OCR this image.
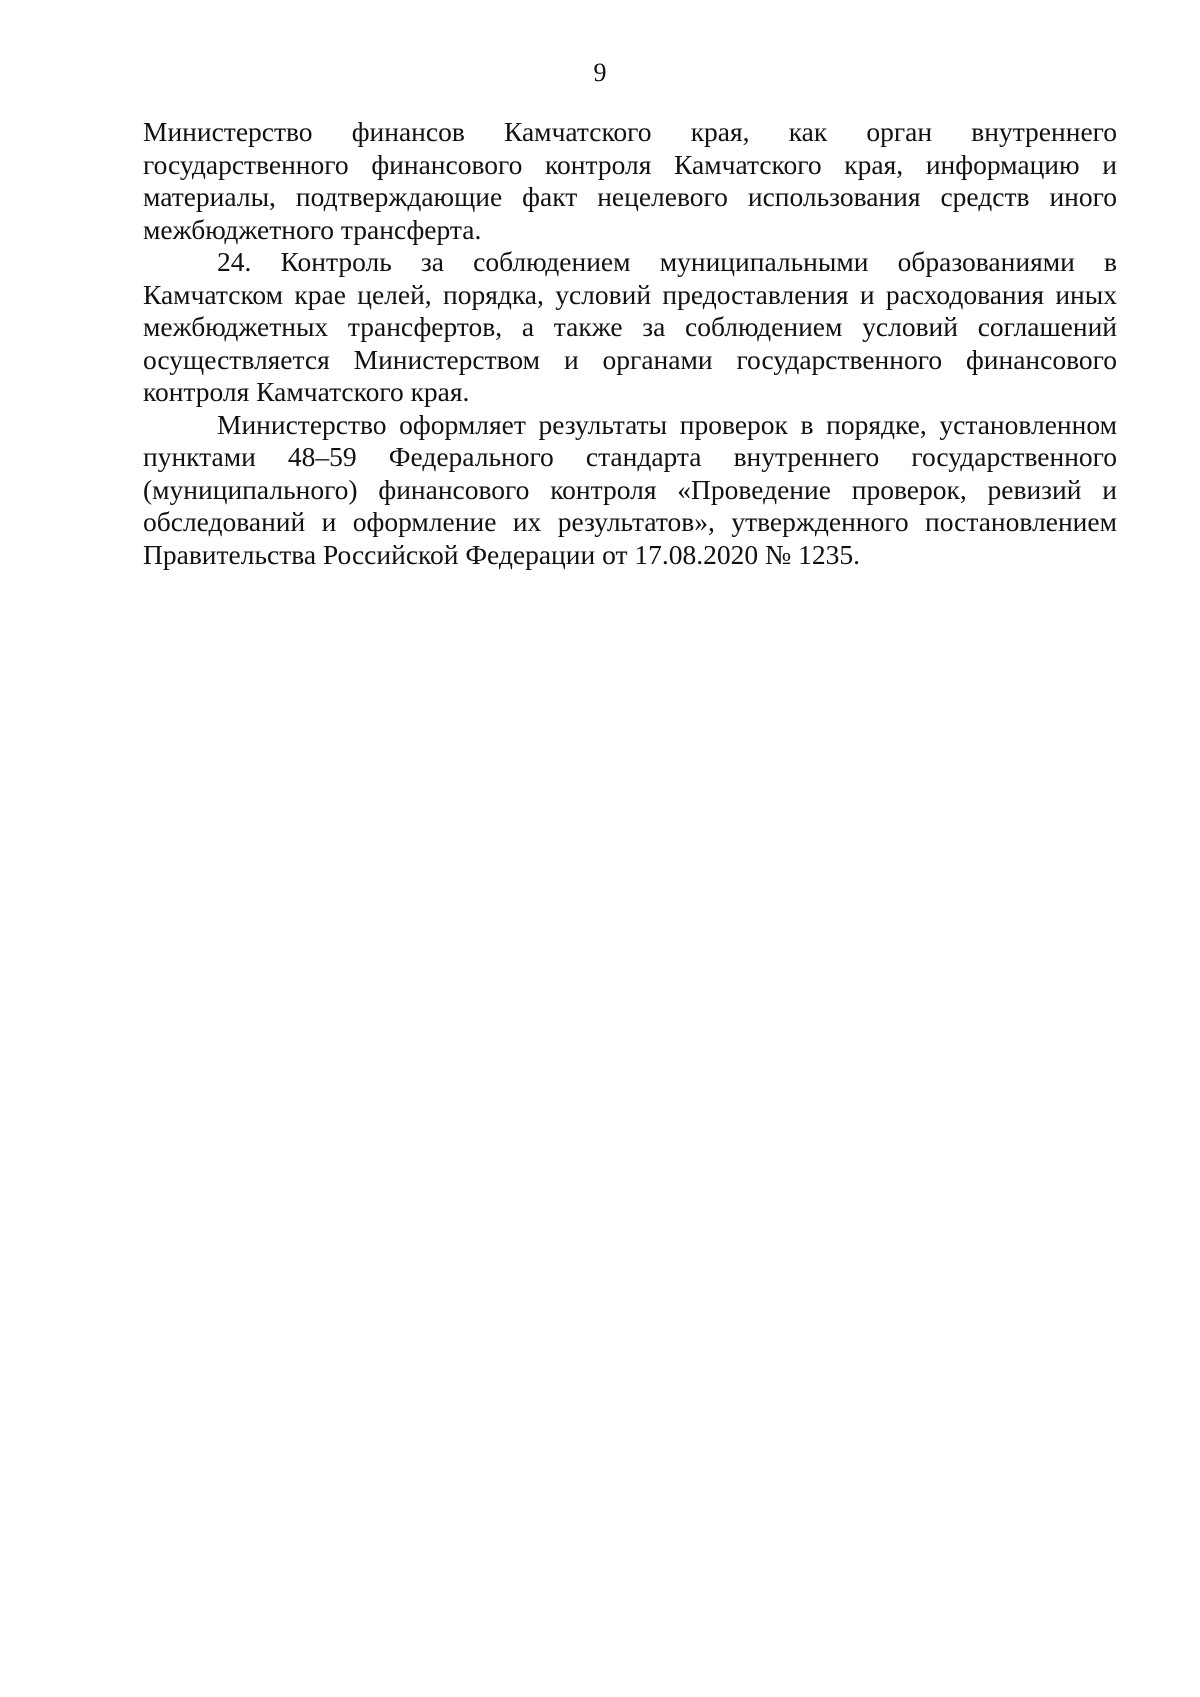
9

Министерство финансов Камчатского края, как орган внутреннего государственного финансового контроля Камчатского края, информацию и материалы, подтверждающие факт нецелевого использования средств иного межбюджетного трансферта.

24. Контроль за соблюдением муниципальными образованиями в Камчатском крае целей, порядка, условий предоставления и расходования иных межбюджетных трансфертов, а также за соблюдением условий соглашений осуществляется Министерством и органами государственного финансового контроля Камчатского края.

Министерство оформляет результаты проверок в порядке, установленном пунктами 48–59 Федерального стандарта внутреннего государственного (муниципального) финансового контроля «Проведение проверок, ревизий и обследований и оформление их результатов», утвержденного постановлением Правительства Российской Федерации от 17.08.2020 № 1235.
